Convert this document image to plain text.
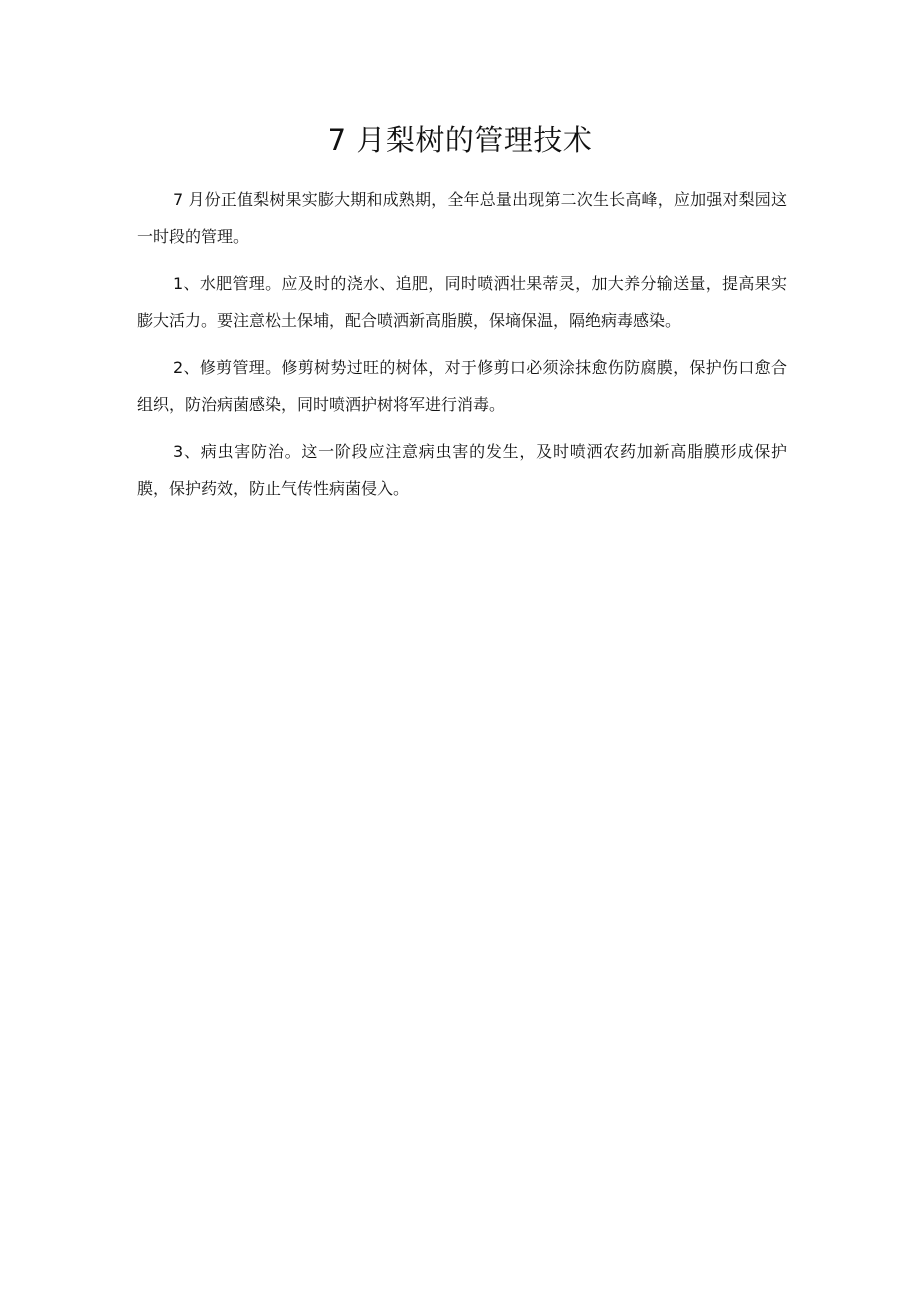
7 月梨树的管理技术

7 月份正值梨树果实膨大期和成熟期，全年总量出现第二次生长高峰，应加强对梨园这一时段的管理。

1、水肥管理。应及时的浇水、追肥，同时喷洒壮果蒂灵，加大养分输送量，提高果实膨大活力。要注意松土保埔，配合喷洒新高脂膜，保墒保温，隔绝病毒感染。

2、修剪管理。修剪树势过旺的树体，对于修剪口必须涂抹愈伤防腐膜，保护伤口愈合组织，防治病菌感染，同时喷洒护树将军进行消毒。

3、病虫害防治。这一阶段应注意病虫害的发生，及时喷洒农药加新高脂膜形成保护膜，保护药效，防止气传性病菌侵入。
